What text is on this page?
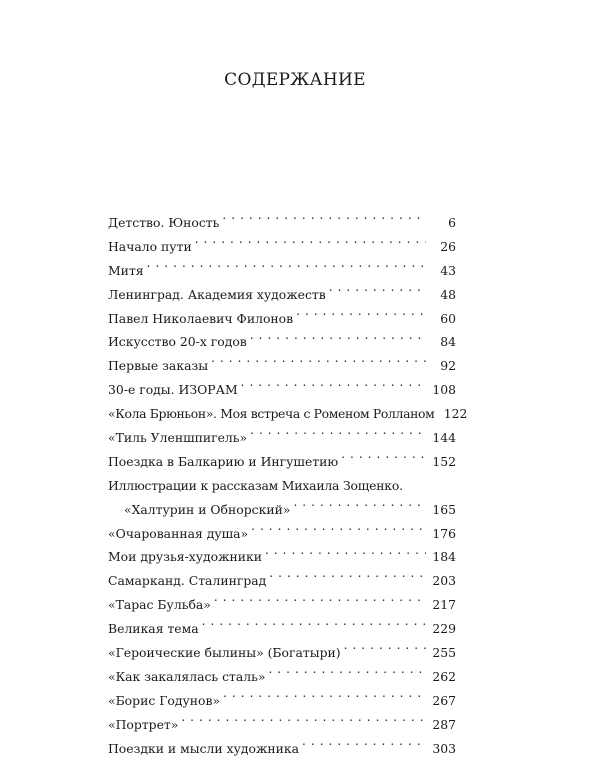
СОДЕРЖАНИЕ
Детство. Юность . . .	6
Начало пути . . .	26
Митя . . .	43
Ленинград. Академия художеств . . .	48
Павел Николаевич Филонов . . .	60
Искусство 20-х годов . . .	84
Первые заказы . . .	92
30-е годы. ИЗОРАМ . . .	108
«Кола Брюньон». Моя встреча с Роменом Ролланом 122
«Тиль Уленшпигель» . . .	144
Поездка в Балкарию и Ингушетию . . .	152
Иллюстрации к рассказам Михаила Зощенко.
«Халтурин и Обнорский» . . .	165
«Очарованная душа» . . .	176
Мои друзья-художники . . .	184
Самарканд. Сталинград . . .	203
«Тарас Бульба» . . .	217
Великая тема . . .	229
«Героические былины» (Богатыри) . . .	255
«Как закалялась сталь» . . .	262
«Борис Годунов» . . .	267
«Портрет» . . .	287
Поездки и мысли художника . . .	303
